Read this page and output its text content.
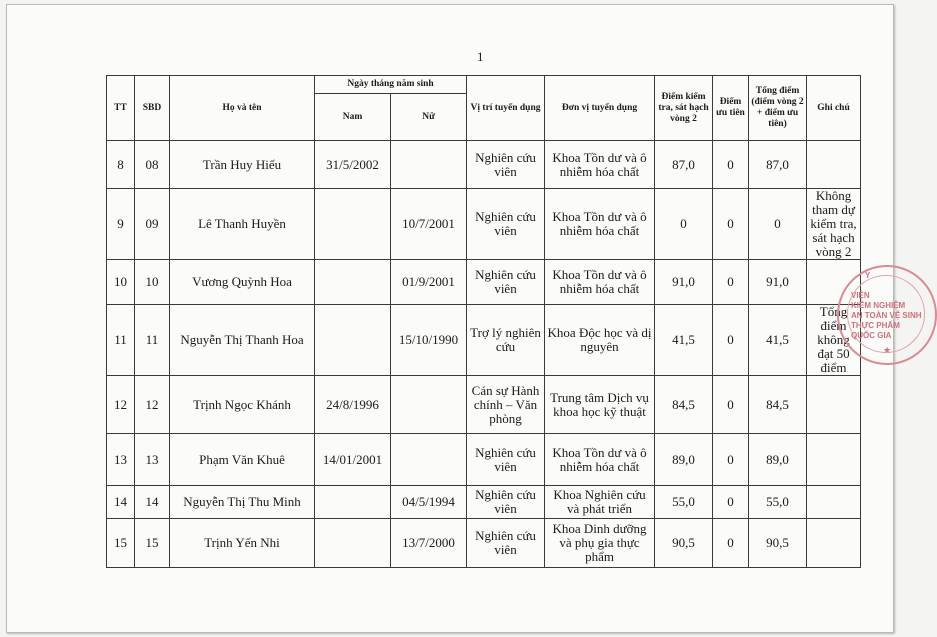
1
TT	SBD	Họ và tên	Ngày tháng năm sinh		Vị trí tuyển dụng	Đơn vị tuyển dụng	Điểm kiểm tra, sát hạch vòng 2	Điểm ưu tiên	Tổng điểm (điểm vòng 2 + điểm ưu tiên)	Ghi chú
			Nam	Nữ						
8	08	Trần Huy Hiếu	31/5/2002		Nghiên cứu viên	Khoa Tồn dư và ô nhiễm hóa chất	87,0	0	87,0	
9	09	Lê Thanh Huyền		10/7/2001	Nghiên cứu viên	Khoa Tồn dư và ô nhiễm hóa chất	0	0	0	Không tham dự kiểm tra, sát hạch vòng 2
10	10	Vương Quỳnh Hoa		01/9/2001	Nghiên cứu viên	Khoa Tồn dư và ô nhiễm hóa chất	91,0	0	91,0	
11	11	Nguyễn Thị Thanh Hoa		15/10/1990	Trợ lý nghiên cứu	Khoa Độc học và dị nguyên	41,5	0	41,5	Tổng điểm không đạt 50 điểm
12	12	Trịnh Ngọc Khánh	24/8/1996		Cán sự Hành chính – Văn phòng	Trung tâm Dịch vụ khoa học kỹ thuật	84,5	0	84,5	
13	13	Phạm Văn Khuê	14/01/2001		Nghiên cứu viên	Khoa Tồn dư và ô nhiễm hóa chất	89,0	0	89,0	
14	14	Nguyễn Thị Thu Minh		04/5/1994	Nghiên cứu viên	Khoa Nghiên cứu và phát triển	55,0	0	55,0	
15	15	Trịnh Yến Nhi		13/7/2000	Nghiên cứu viên	Khoa Dinh dưỡng và phụ gia thực phẩm	90,5	0	90,5	
Y
VIỆN
KIỂM NGHIỆM
AN TOÀN VỆ SINH
THỰC PHẨM
QUỐC GIA
★
